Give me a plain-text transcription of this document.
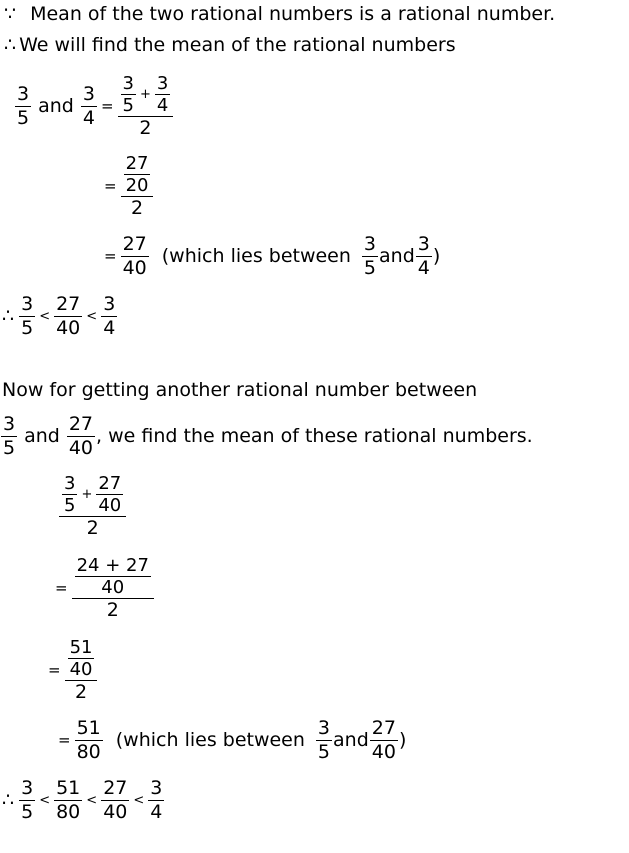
∵ Mean of the two rational numbers is a rational number.
∴ We will find the mean of the rational numbers
$\frac{3}{5}$ and $\frac{3}{4} = \frac{\frac{3}{5} + \frac{3}{4}}{2}$
= $\frac{\frac{27}{20}}{2}$
= $\frac{27}{40}$ (which lies between $\frac{3}{5}$ and $\frac{3}{4}$ )
∴ $\frac{3}{5} < \frac{27}{40} < \frac{3}{4}$
Now for getting another rational number between
$\frac{3}{5}$ and $\frac{27}{40}$ , we find the mean of these rational numbers.
$\frac{\frac{3}{5} + \frac{27}{40}}{2}$
= $\frac{\frac{24 + 27}{40}}{2}$
= $\frac{\frac{51}{40}}{2}$
= $\frac{51}{80}$ (which lies between $\frac{3}{5}$ and $\frac{27}{40}$ )
∴ $\frac{3}{5} < \frac{51}{80} < \frac{27}{40} < \frac{3}{4}$
